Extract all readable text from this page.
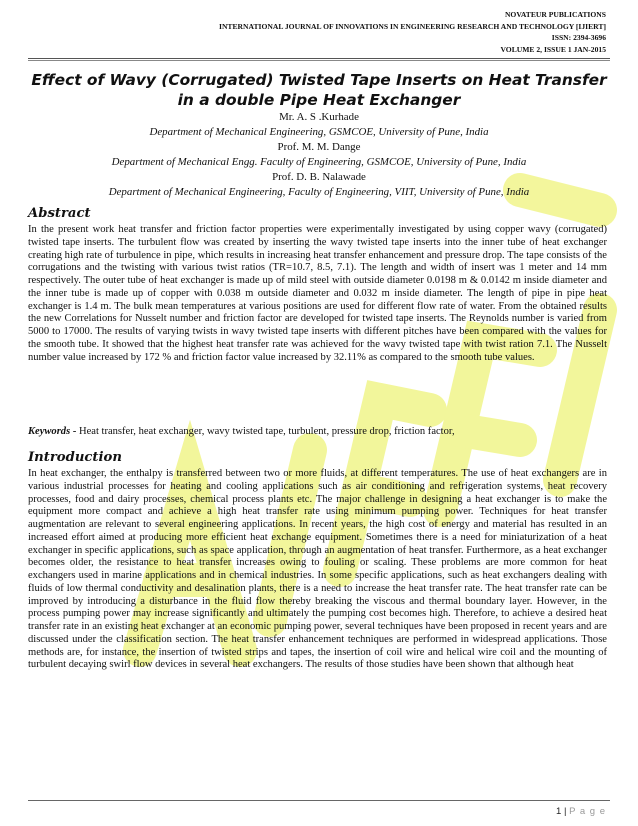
NOVATEUR PUBLICATIONS
INTERNATIONAL JOURNAL OF INNOVATIONS IN ENGINEERING RESEARCH AND TECHNOLOGY [IJIERT]
ISSN: 2394-3696
VOLUME 2, ISSUE 1 JAN-2015
Effect of Wavy (Corrugated) Twisted Tape Inserts on Heat Transfer
in a double Pipe Heat Exchanger
Mr. A. S .Kurhade
Department of Mechanical Engineering, GSMCOE, University of Pune, India
Prof. M. M. Dange
Department of Mechanical Engg. Faculty of Engineering, GSMCOE, University of Pune, India
Prof. D. B. Nalawade
Department of Mechanical Engineering, Faculty of Engineering, VIIT, University of Pune, India
Abstract
In the present work heat transfer and friction factor properties were experimentally investigated by using copper wavy (corrugated) twisted tape inserts. The turbulent flow was created by inserting the wavy twisted tape inserts into the inner tube of heat exchanger creating high rate of turbulence in pipe, which results in increasing heat transfer enhancement and pressure drop. The tape consists of the corrugations and the twisting with various twist ratios (TR=10.7, 8.5, 7.1). The length and width of insert was 1 meter and 14 mm respectively. The outer tube of heat exchanger is made up of mild steel with outside diameter 0.0198 m & 0.0142 m inside diameter and the inner tube is made up of copper with 0.038 m outside diameter and 0.032 m inside diameter. The length of pipe in pipe heat exchanger is 1.4 m. The bulk mean temperatures at various positions are used for different flow rate of water. From the obtained results the new Correlations for Nusselt number and friction factor are developed for twisted tape inserts. The Reynolds number is varied from 5000 to 17000. The results of varying twists in wavy twisted tape inserts with different pitches have been compared with the values for the smooth tube. It showed that the highest heat transfer rate was achieved for the wavy twisted tape with twist ration 7.1. The Nusselt number value increased by 172 % and friction factor value increased by 32.11% as compared to the smooth tube values.
Keywords - Heat transfer, heat exchanger, wavy twisted tape, turbulent, pressure drop, friction factor,
Introduction
In heat exchanger, the enthalpy is transferred between two or more fluids, at different temperatures. The use of heat exchangers are in various industrial processes for heating and cooling applications such as air conditioning and refrigeration systems, heat recovery processes, food and dairy processes, chemical process plants etc. The major challenge in designing a heat exchanger is to make the equipment more compact and achieve a high heat transfer rate using minimum pumping power. Techniques for heat transfer augmentation are relevant to several engineering applications. In recent years, the high cost of energy and material has resulted in an increased effort aimed at producing more efficient heat exchange equipment. Sometimes there is a need for miniaturization of a heat exchanger in specific applications, such as space application, through an augmentation of heat transfer. Furthermore, as a heat exchanger becomes older, the resistance to heat transfer increases owing to fouling or scaling. These problems are more common for heat exchangers used in marine applications and in chemical industries. In some specific applications, such as heat exchangers dealing with fluids of low thermal conductivity and desalination plants, there is a need to increase the heat transfer rate. The heat transfer rate can be improved by introducing a disturbance in the fluid flow thereby breaking the viscous and thermal boundary layer. However, in the process pumping power may increase significantly and ultimately the pumping cost becomes high. Therefore, to achieve a desired heat transfer rate in an existing heat exchanger at an economic pumping power, several techniques have been proposed in recent years and are discussed under the classification section. The heat transfer enhancement techniques are performed in widespread applications. Those methods are, for instance, the insertion of twisted strips and tapes, the insertion of coil wire and helical wire coil and the mounting of turbulent decaying swirl flow devices in several heat exchangers. The results of those studies have been shown that although heat
1 | P a g e
